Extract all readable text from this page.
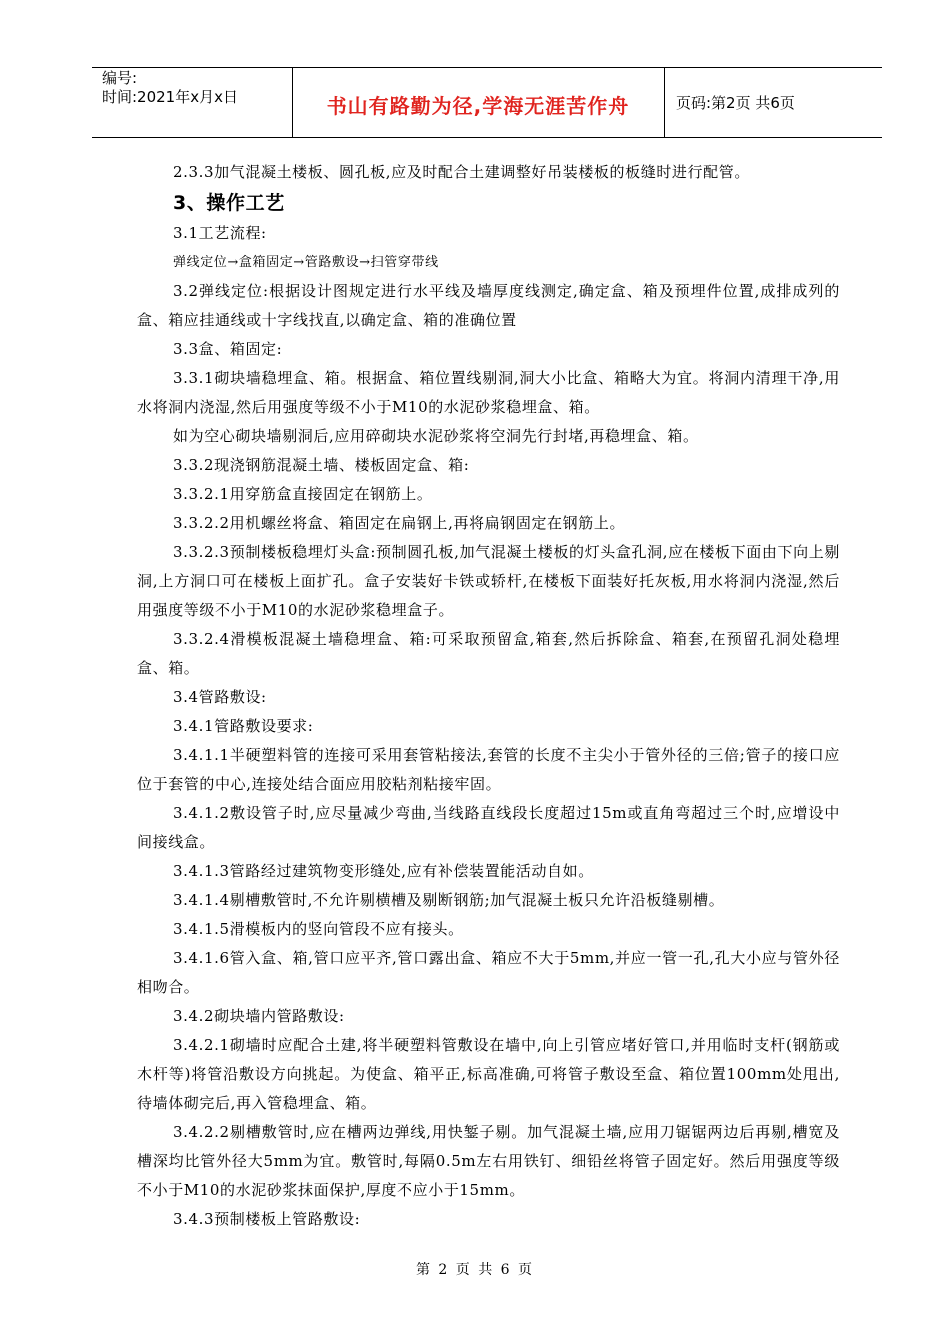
编号:
时间:2021年x月x日	书山有路勤为径,学海无涯苦作舟	页码:第2页 共6页

2.3.3加气混凝土楼板、圆孔板,应及时配合土建调整好吊装楼板的板缝时进行配管。

3、操作工艺

3.1工艺流程:

弹线定位→盒箱固定→管路敷设→扫管穿带线

3.2弹线定位:根据设计图规定进行水平线及墙厚度线测定,确定盒、箱及预埋件位置,成排成列的盒、箱应挂通线或十字线找直,以确定盒、箱的准确位置

3.3盒、箱固定:

3.3.1砌块墙稳埋盒、箱。根据盒、箱位置线剔洞,洞大小比盒、箱略大为宜。将洞内清理干净,用水将洞内浇湿,然后用强度等级不小于M10的水泥砂浆稳埋盒、箱。

如为空心砌块墙剔洞后,应用碎砌块水泥砂浆将空洞先行封堵,再稳埋盒、箱。

3.3.2现浇钢筋混凝土墙、楼板固定盒、箱:

3.3.2.1用穿筋盒直接固定在钢筋上。

3.3.2.2用机螺丝将盒、箱固定在扁钢上,再将扁钢固定在钢筋上。

3.3.2.3预制楼板稳埋灯头盒:预制圆孔板,加气混凝土楼板的灯头盒孔洞,应在楼板下面由下向上剔洞,上方洞口可在楼板上面扩孔。盒子安装好卡铁或轿杆,在楼板下面装好托灰板,用水将洞内浇湿,然后用强度等级不小于M10的水泥砂浆稳埋盒子。

3.3.2.4滑模板混凝土墙稳埋盒、箱:可采取预留盒,箱套,然后拆除盒、箱套,在预留孔洞处稳埋盒、箱。

3.4管路敷设:

3.4.1管路敷设要求:

3.4.1.1半硬塑料管的连接可采用套管粘接法,套管的长度不主尖小于管外径的三倍;管子的接口应位于套管的中心,连接处结合面应用胶粘剂粘接牢固。

3.4.1.2敷设管子时,应尽量减少弯曲,当线路直线段长度超过15m或直角弯超过三个时,应增设中间接线盒。

3.4.1.3管路经过建筑物变形缝处,应有补偿装置能活动自如。

3.4.1.4剔槽敷管时,不允许剔横槽及剔断钢筋;加气混凝土板只允许沿板缝剔槽。

3.4.1.5滑模板内的竖向管段不应有接头。

3.4.1.6管入盒、箱,管口应平齐,管口露出盒、箱应不大于5mm,并应一管一孔,孔大小应与管外径相吻合。

3.4.2砌块墙内管路敷设:

3.4.2.1砌墙时应配合土建,将半硬塑料管敷设在墙中,向上引管应堵好管口,并用临时支杆(钢筋或木杆等)将管沿敷设方向挑起。为使盒、箱平正,标高准确,可将管子敷设至盒、箱位置100mm处甩出,待墙体砌完后,再入管稳埋盒、箱。

3.4.2.2剔槽敷管时,应在槽两边弹线,用快錾子剔。加气混凝土墙,应用刀锯锯两边后再剔,槽宽及槽深均比管外径大5mm为宜。敷管时,每隔0.5m左右用铁钉、细铅丝将管子固定好。然后用强度等级不小于M10的水泥砂浆抹面保护,厚度不应小于15mm。

3.4.3预制楼板上管路敷设:

第 2 页 共 6 页
